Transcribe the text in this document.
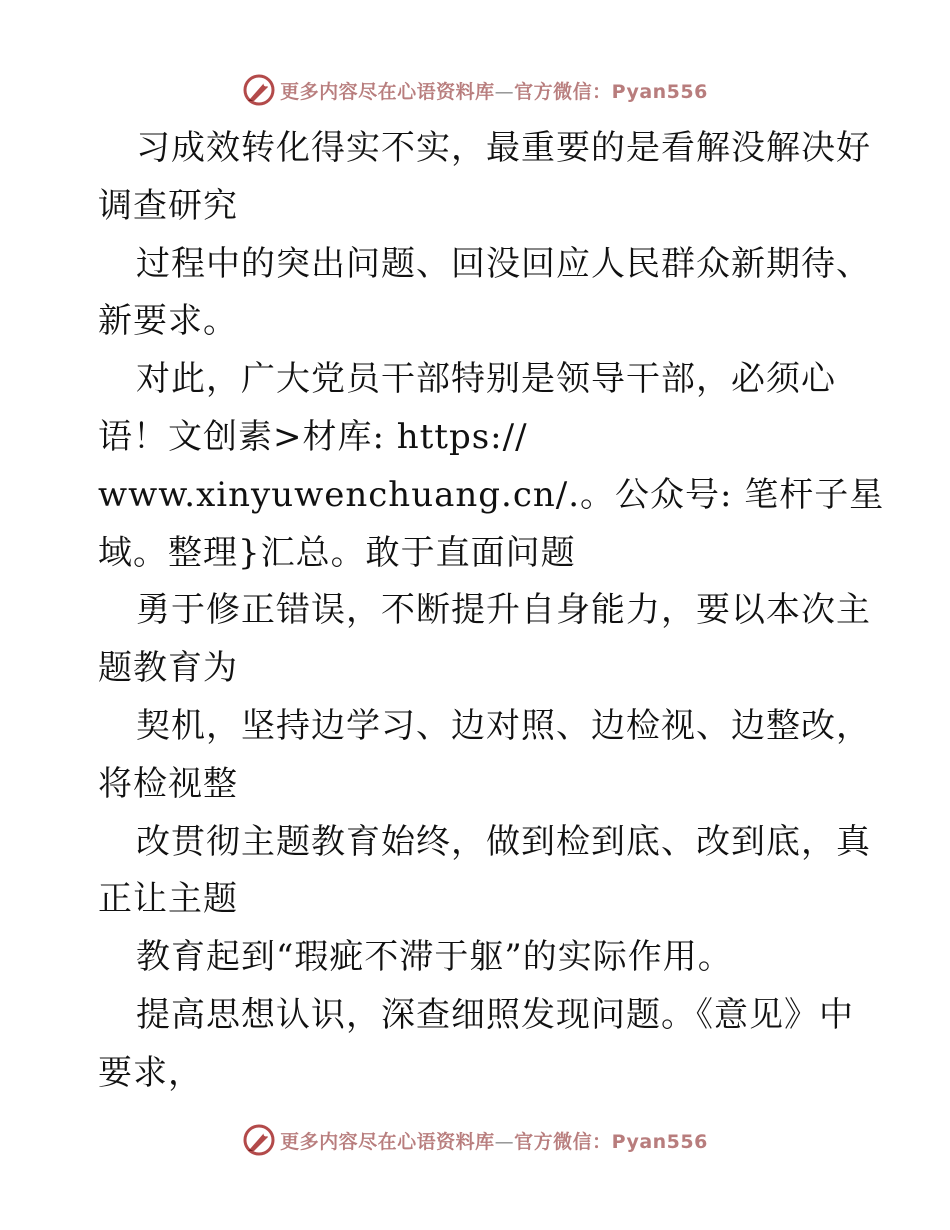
更多内容尽在心语资料库—官方微信：Pyan556
习成效转化得实不实，最重要的是看解没解决好
调查研究
过程中的突出问题、回没回应人民群众新期待、
新要求。
对此，广大党员干部特别是领导干部，必须心
语！文创素>材库: https://
www.xinyuwenchuang.cn/.。公众号: 笔杆子星
域。整理}汇总。敢于直面问题
勇于修正错误，不断提升自身能力，要以本次主
题教育为
契机，坚持边学习、边对照、边检视、边整改，
将检视整
改贯彻主题教育始终，做到检到底、改到底，真
正让主题
教育起到“瑕疵不滞于躯”的实际作用。
提高思想认识，深查细照发现问题。《意见》中
要求，
更多内容尽在心语资料库—官方微信：Pyan556
